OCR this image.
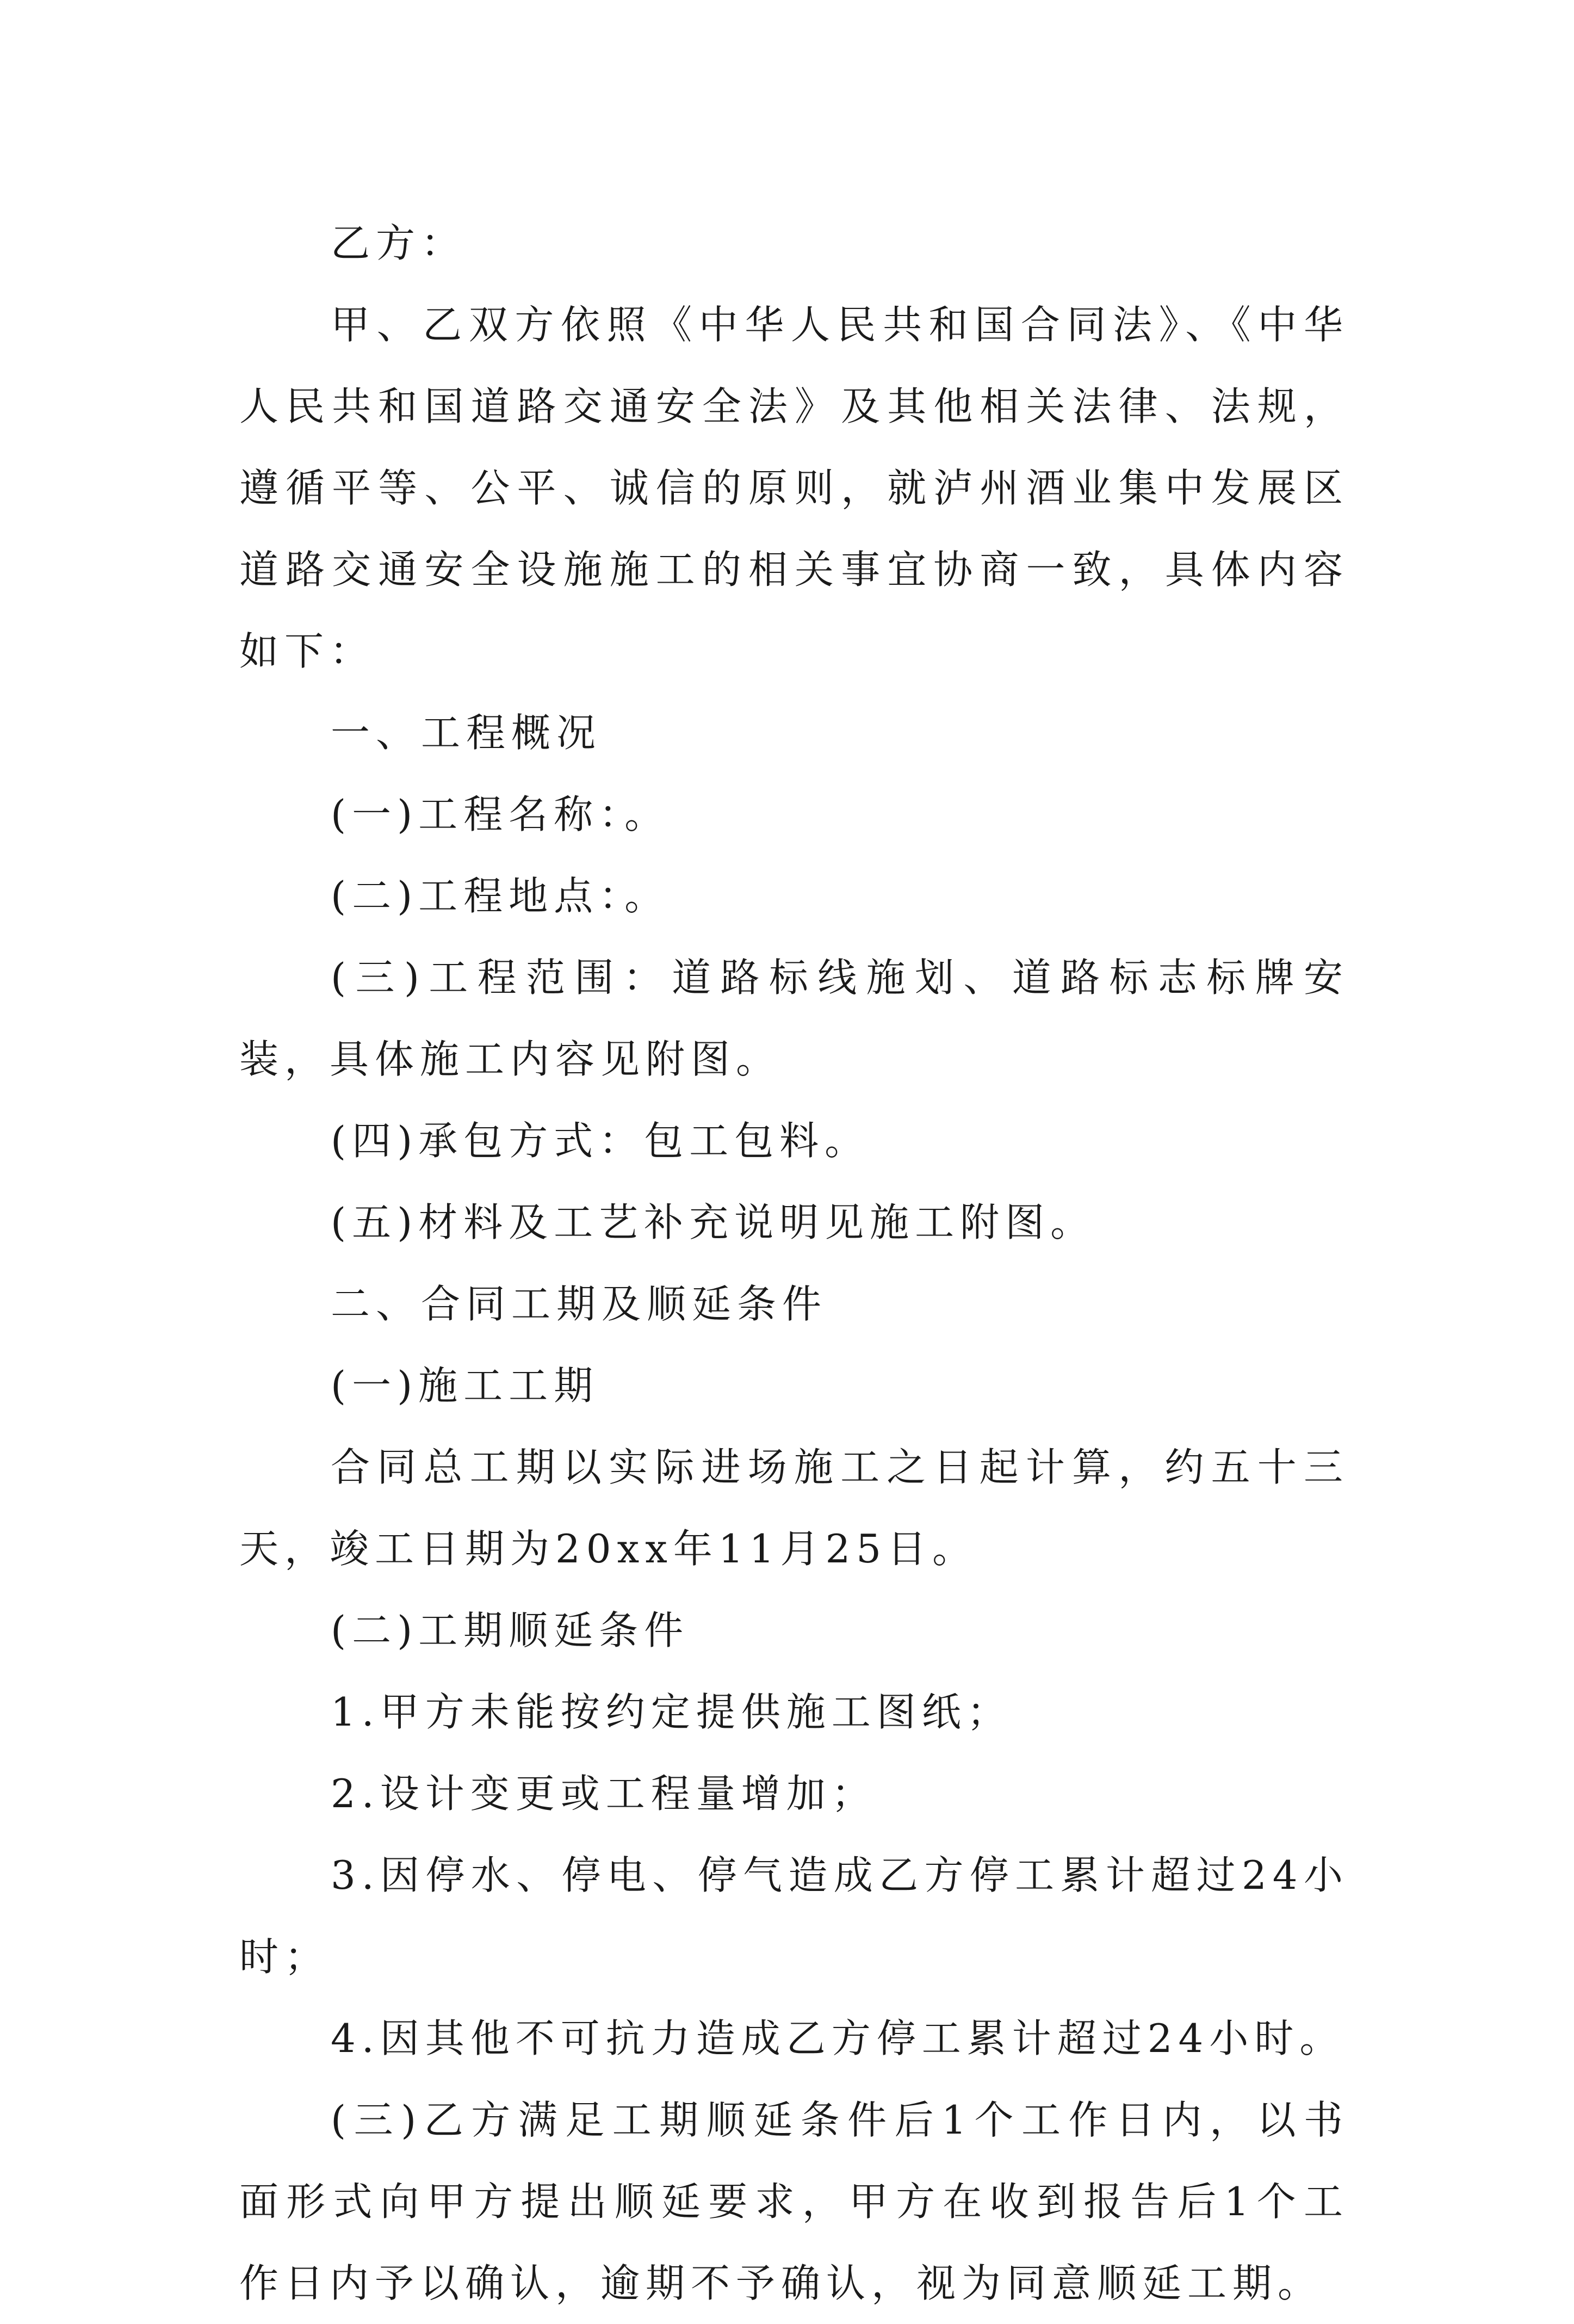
乙方：

甲、乙双方依照《中华人民共和国合同法》、《中华人民共和国道路交通安全法》及其他相关法律、法规，遵循平等、公平、诚信的原则，就泸州酒业集中发展区道路交通安全设施施工的相关事宜协商一致，具体内容如下：

一、工程概况

(一)工程名称：。

(二)工程地点：。

(三)工程范围：道路标线施划、道路标志标牌安装，具体施工内容见附图。

(四)承包方式：包工包料。

(五)材料及工艺补充说明见施工附图。

二、合同工期及顺延条件

(一)施工工期

合同总工期以实际进场施工之日起计算，约五十三天，竣工日期为20xx年11月25日。

(二)工期顺延条件

1.甲方未能按约定提供施工图纸；

2.设计变更或工程量增加；

3.因停水、停电、停气造成乙方停工累计超过24小时；

4.因其他不可抗力造成乙方停工累计超过24小时。

(三)乙方满足工期顺延条件后1个工作日内，以书面形式向甲方提出顺延要求，甲方在收到报告后1个工作日内予以确认，逾期不予确认，视为同意顺延工期。
